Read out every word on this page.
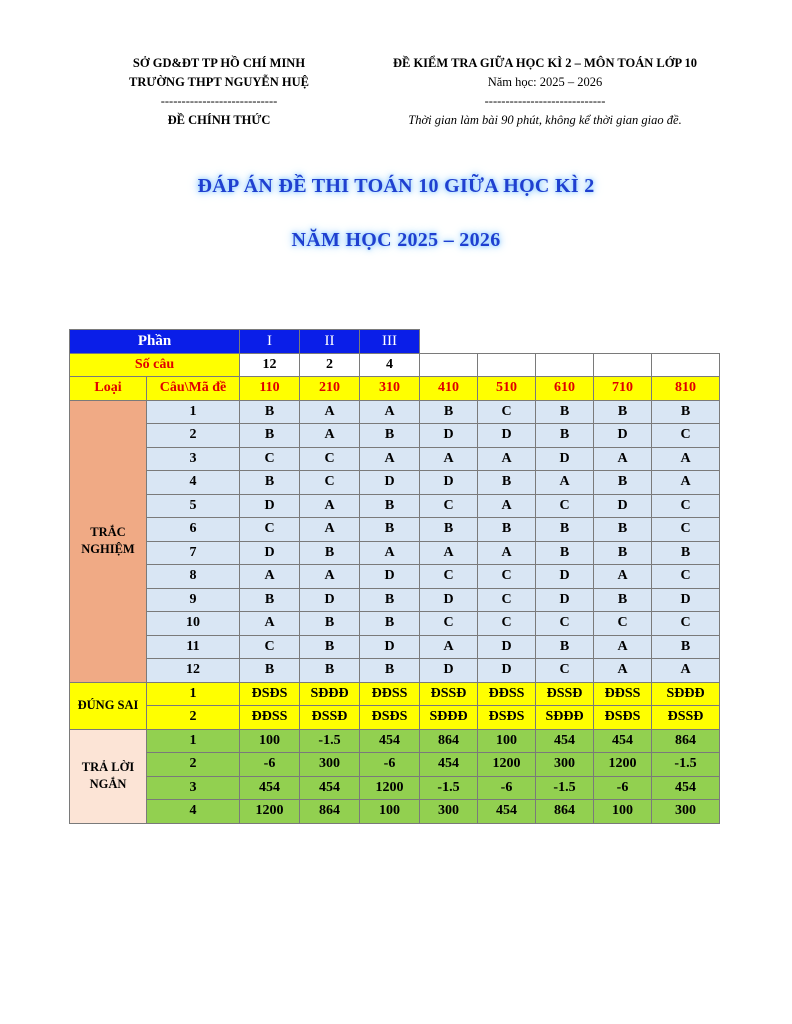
SỞ GD&ĐT TP HỒ CHÍ MINH
TRƯỜNG THPT NGUYỄN HUỆ
----------------------------
ĐỀ CHÍNH THỨC
ĐỀ KIỂM TRA GIỮA HỌC KÌ 2 – MÔN TOÁN LỚP 10
Năm học: 2025 – 2026
-----------------------------
Thời gian làm bài 90 phút, không kể thời gian giao đề.
ĐÁP ÁN ĐỀ THI TOÁN 10 GIỮA HỌC KÌ 2
NĂM HỌC 2025 – 2026
Phần		I	II	III					
Số câu		12	2	4					
Loại	Câu\Mã đề	110	210	310	410	510	610	710	810
TRẮC NGHIỆM	1	B	A	A	B	C	B	B	B
	2	B	A	B	D	D	B	D	C
	3	C	C	A	A	A	D	A	A
	4	B	C	D	D	B	A	B	A
	5	D	A	B	C	A	C	D	C
	6	C	A	B	B	B	B	B	C
	7	D	B	A	A	A	B	B	B
	8	A	A	D	C	C	D	A	C
	9	B	D	B	D	C	D	B	D
	10	A	B	B	C	C	C	C	C
	11	C	B	D	A	D	B	A	B
	12	B	B	B	D	D	C	A	A
ĐÚNG SAI	1	ĐSĐS	SĐĐĐ	ĐĐSS	ĐSSĐ	ĐĐSS	ĐSSĐ	ĐĐSS	SĐĐĐ
	2	ĐĐSS	ĐSSĐ	ĐSĐS	SĐĐĐ	ĐSĐS	SĐĐĐ	ĐSĐS	ĐSSĐ
TRẢ LỜI NGẮN	1	100	-1.5	454	864	100	454	454	864
	2	-6	300	-6	454	1200	300	1200	-1.5
	3	454	454	1200	-1.5	-6	-1.5	-6	454
	4	1200	864	100	300	454	864	100	300
